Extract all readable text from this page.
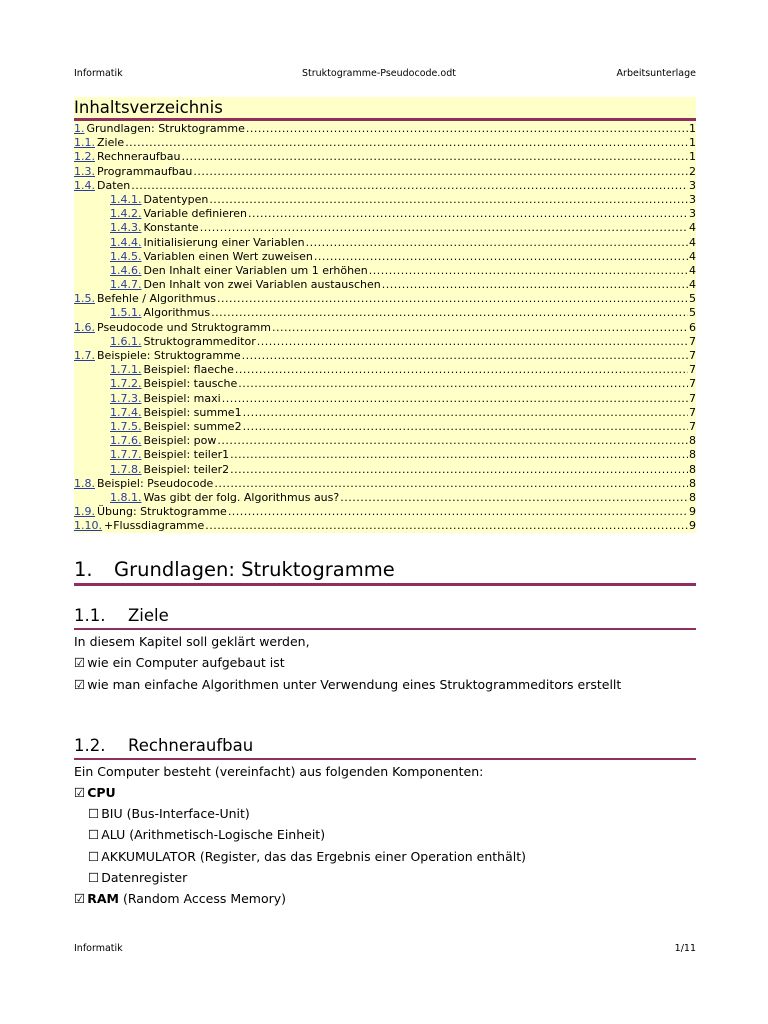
Informatik	Struktogramme-Pseudocode.odt	Arbeitsunterlage
Inhaltsverzeichnis
1. Grundlagen: Struktogramme .....	1
1.1. Ziele .....	1
1.2. Rechneraufbau .....	1
1.3. Programmaufbau .....	2
1.4. Daten .....	3
1.4.1. Datentypen .....	3
1.4.2. Variable definieren .....	3
1.4.3. Konstante .....	4
1.4.4. Initialisierung einer Variablen .....	4
1.4.5. Variablen einen Wert zuweisen .....	4
1.4.6. Den Inhalt einer Variablen um 1 erhöhen .....	4
1.4.7. Den Inhalt von zwei Variablen austauschen .....	4
1.5. Befehle / Algorithmus .....	5
1.5.1. Algorithmus .....	5
1.6. Pseudocode und Struktogramm .....	6
1.6.1. Struktogrammeditor .....	7
1.7. Beispiele: Struktogramme .....	7
1.7.1. Beispiel: flaeche .....	7
1.7.2. Beispiel: tausche .....	7
1.7.3. Beispiel: maxi .....	7
1.7.4. Beispiel: summe1 .....	7
1.7.5. Beispiel: summe2 .....	7
1.7.6. Beispiel: pow .....	8
1.7.7. Beispiel: teiler1 .....	8
1.7.8. Beispiel: teiler2 .....	8
1.8. Beispiel: Pseudocode .....	8
1.8.1. Was gibt der folg. Algorithmus aus? .....	8
1.9. Übung: Struktogramme .....	9
1.10. +Flussdiagramme .....	9
1. Grundlagen: Struktogramme
1.1. Ziele
In diesem Kapitel soll geklärt werden,
☑ wie ein Computer aufgebaut ist
☑ wie man einfache Algorithmen unter Verwendung eines Struktogrammeditors erstellt
1.2. Rechneraufbau
Ein Computer besteht (vereinfacht) aus folgenden Komponenten:
☑ CPU
☐ BIU (Bus-Interface-Unit)
☐ ALU (Arithmetisch-Logische Einheit)
☐ AKKUMULATOR (Register, das das Ergebnis einer Operation enthält)
☐ Datenregister
☑ RAM (Random Access Memory)
Informatik	1/11
